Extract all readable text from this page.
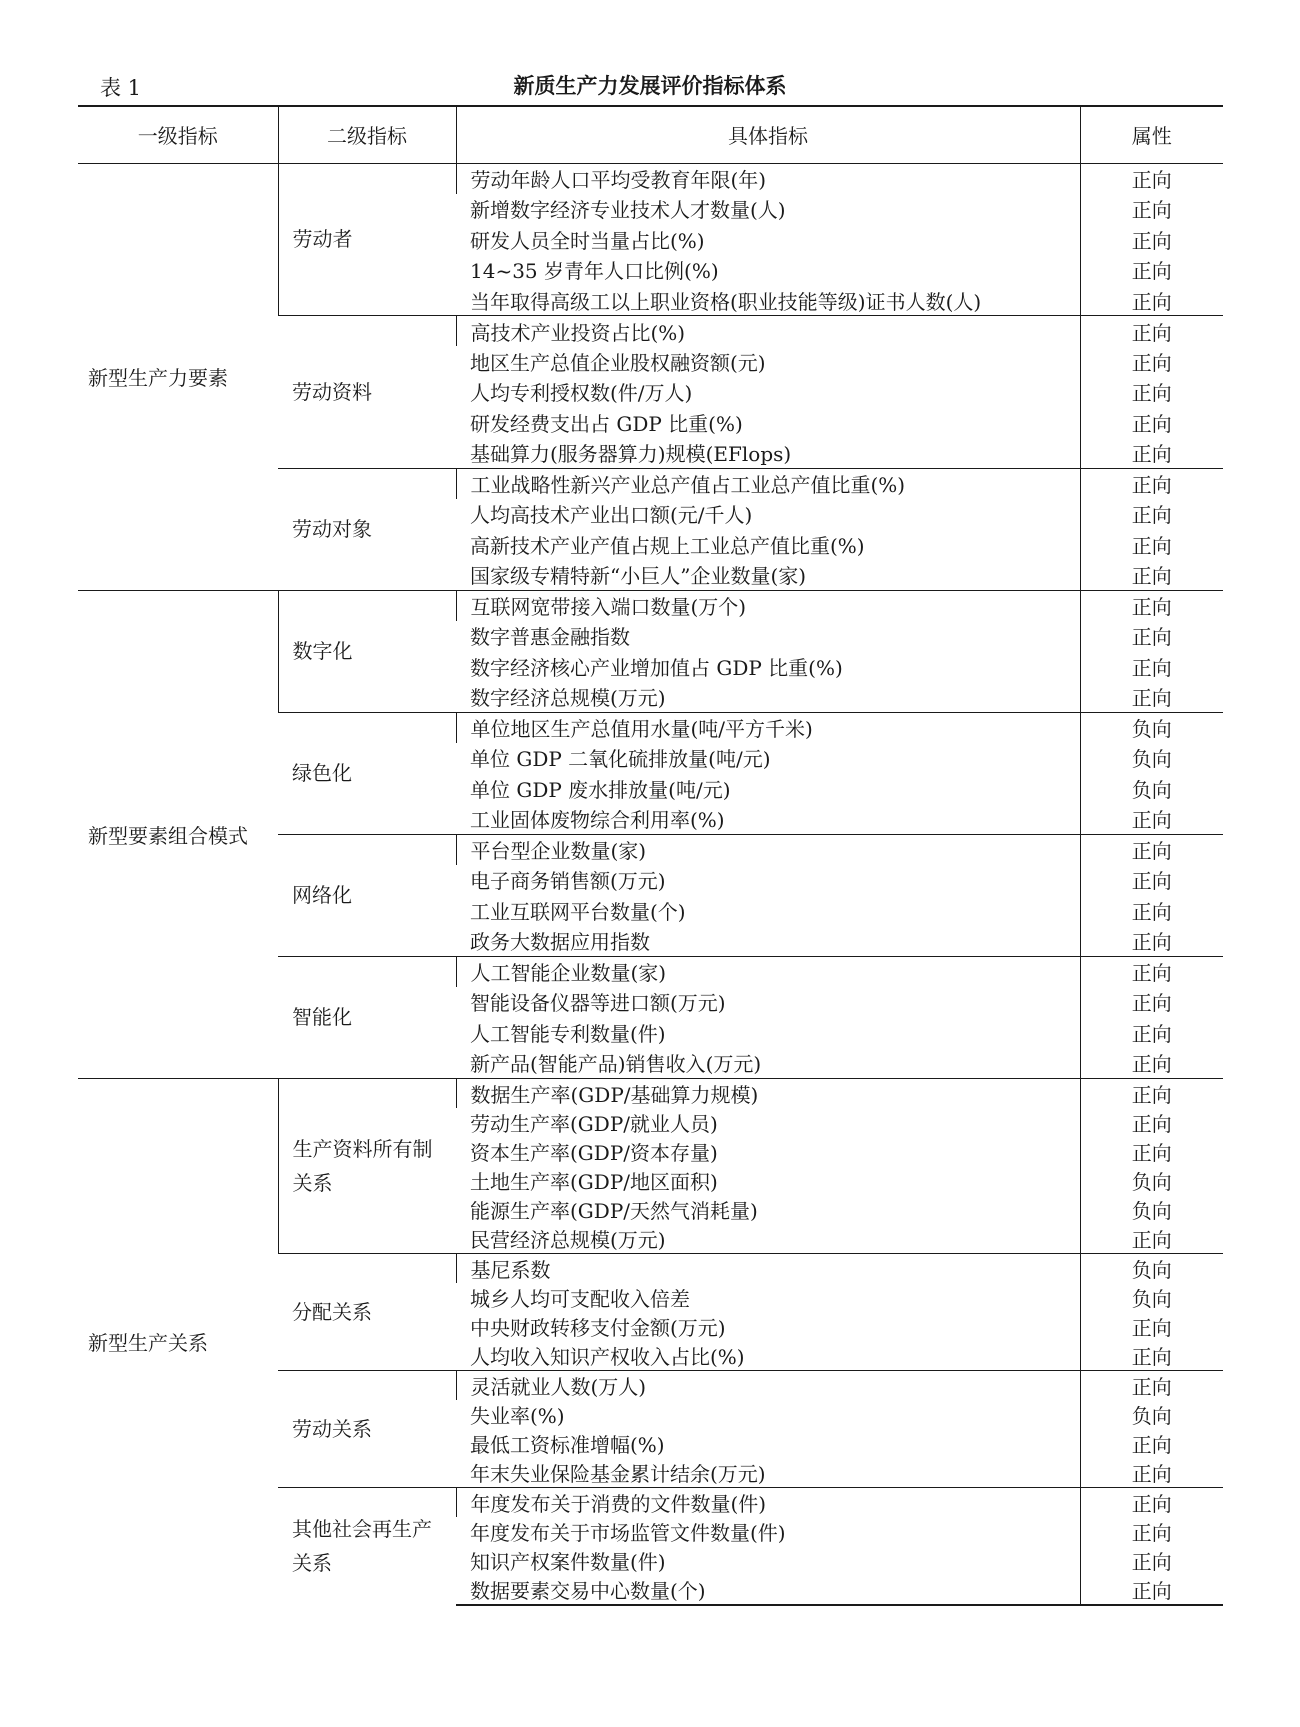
表 1	新质生产力发展评价指标体系
一级指标	二级指标	具体指标	属性
新型生产力要素	劳动者	劳动年龄人口平均受教育年限(年)	正向
		新增数字经济专业技术人才数量(人)	正向
		研发人员全时当量占比(%)	正向
		14~35 岁青年人口比例(%)	正向
		当年取得高级工以上职业资格(职业技能等级)证书人数(人)	正向
	劳动资料	高技术产业投资占比(%)	正向
		地区生产总值企业股权融资额(元)	正向
		人均专利授权数(件/万人)	正向
		研发经费支出占 GDP 比重(%)	正向
		基础算力(服务器算力)规模(EFlops)	正向
	劳动对象	工业战略性新兴产业总产值占工业总产值比重(%)	正向
		人均高技术产业出口额(元/千人)	正向
		高新技术产业产值占规上工业总产值比重(%)	正向
		国家级专精特新“小巨人”企业数量(家)	正向
新型要素组合模式	数字化	互联网宽带接入端口数量(万个)	正向
		数字普惠金融指数	正向
		数字经济核心产业增加值占 GDP 比重(%)	正向
		数字经济总规模(万元)	正向
	绿色化	单位地区生产总值用水量(吨/平方千米)	负向
		单位 GDP 二氧化硫排放量(吨/元)	负向
		单位 GDP 废水排放量(吨/元)	负向
		工业固体废物综合利用率(%)	正向
	网络化	平台型企业数量(家)	正向
		电子商务销售额(万元)	正向
		工业互联网平台数量(个)	正向
		政务大数据应用指数	正向
	智能化	人工智能企业数量(家)	正向
		智能设备仪器等进口额(万元)	正向
		人工智能专利数量(件)	正向
		新产品(智能产品)销售收入(万元)	正向
新型生产关系	生产资料所有制关系	数据生产率(GDP/基础算力规模)	正向
		劳动生产率(GDP/就业人员)	正向
		资本生产率(GDP/资本存量)	正向
		土地生产率(GDP/地区面积)	负向
		能源生产率(GDP/天然气消耗量)	负向
		民营经济总规模(万元)	正向
	分配关系	基尼系数	负向
		城乡人均可支配收入倍差	负向
		中央财政转移支付金额(万元)	正向
		人均收入知识产权收入占比(%)	正向
	劳动关系	灵活就业人数(万人)	正向
		失业率(%)	负向
		最低工资标准增幅(%)	正向
		年末失业保险基金累计结余(万元)	正向
	其他社会再生产关系	年度发布关于消费的文件数量(件)	正向
		年度发布关于市场监管文件数量(件)	正向
		知识产权案件数量(件)	正向
		数据要素交易中心数量(个)	正向
